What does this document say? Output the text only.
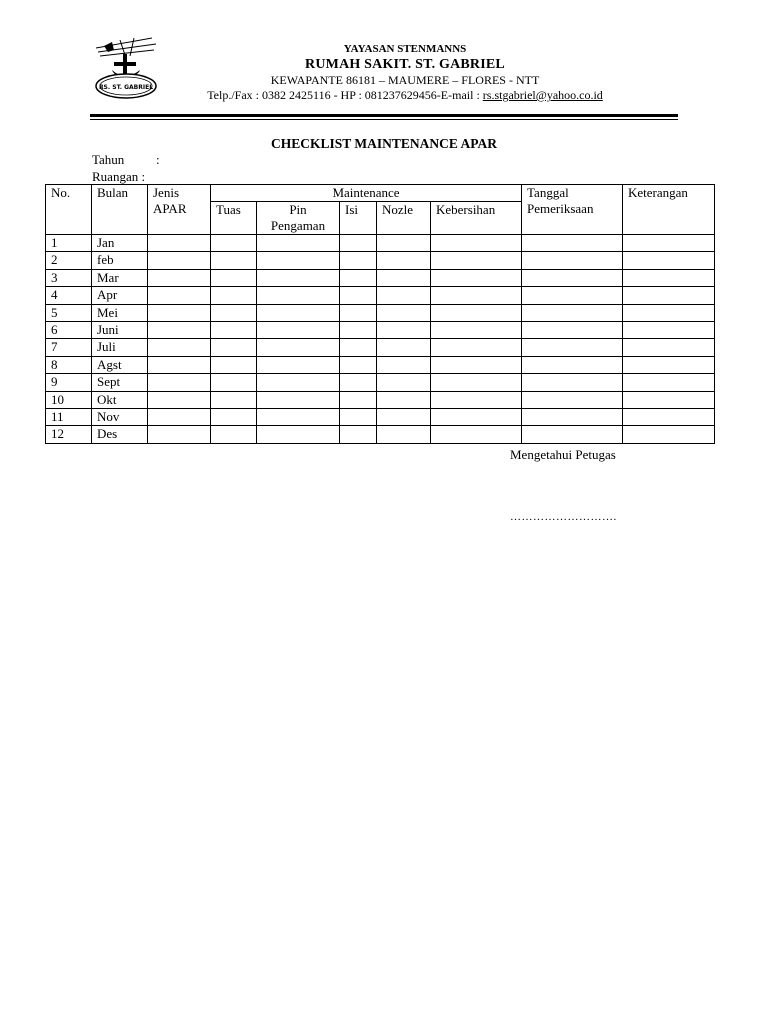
RS. ST. GABRIEL
YAYASAN STENMANNS
RUMAH SAKIT. ST. GABRIEL
KEWAPANTE 86181 – MAUMERE – FLORES - NTT
Telp./Fax : 0382 2425116 - HP : 081237629456-E-mail : rs.stgabriel@yahoo.co.id
CHECKLIST MAINTENANCE APAR
Tahun :
Ruangan :
No.	Bulan	Jenis APAR	Maintenance					Tanggal Pemeriksaan	Keterangan
			Tuas	Pin Pengaman	Isi	Nozle	Kebersihan		
1	Jan								
2	feb								
3	Mar								
4	Apr								
5	Mei								
6	Juni								
7	Juli								
8	Agst								
9	Sept								
10	Okt								
11	Nov								
12	Des								
Mengetahui Petugas
……………………….
